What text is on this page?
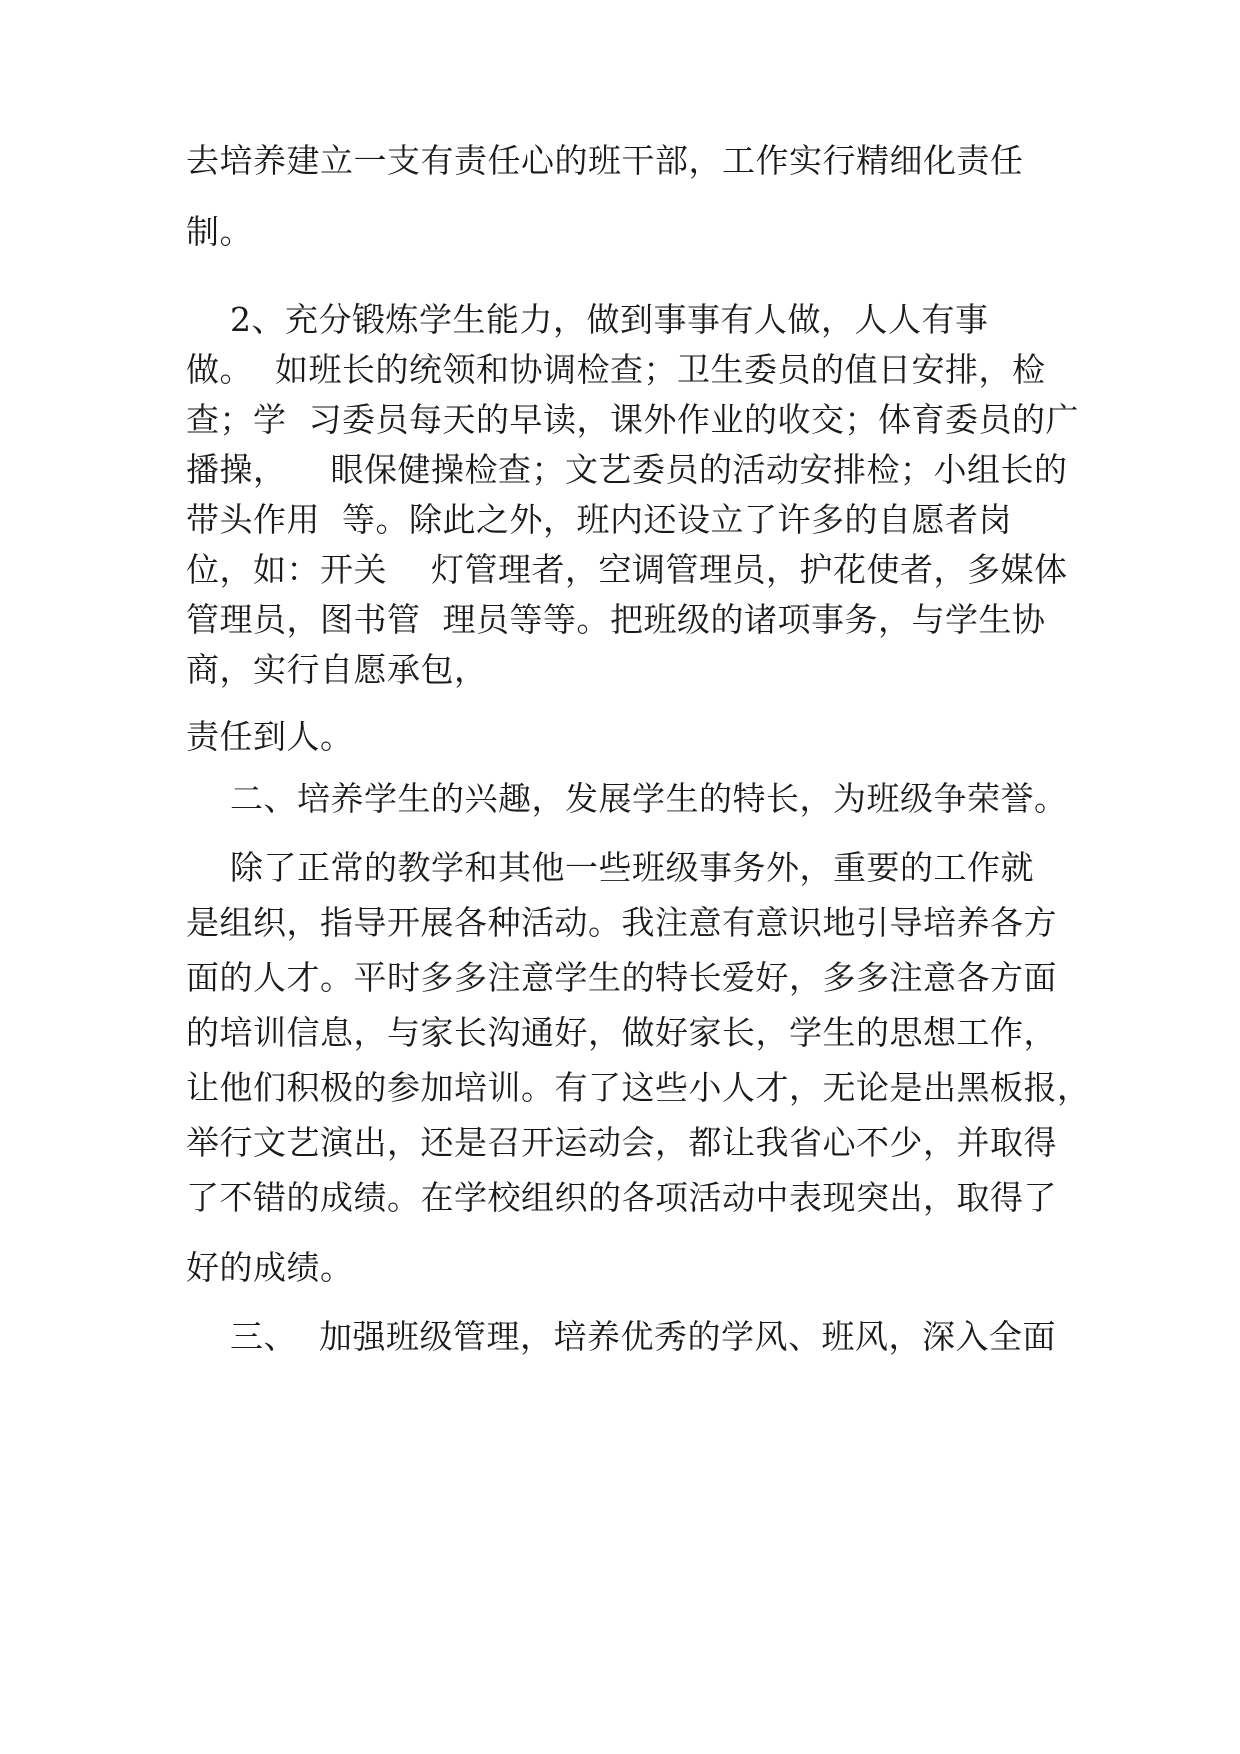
去培养建立一支有责任心的班干部，工作实行精细化责任
制。
2、充分锻炼学生能力，做到事事有人做，人人有事
做。  如班长的统领和协调检查；卫生委员的值日安排，检
查；学  习委员每天的早读，课外作业的收交；体育委员的广
播操，    眼保健操检查；文艺委员的活动安排检；小组长的
带头作用  等。除此之外，班内还设立了许多的自愿者岗
位，如：开关    灯管理者，空调管理员，护花使者，多媒体
管理员，图书管  理员等等。把班级的诸项事务，与学生协
商，实行自愿承包，
责任到人。
二、培养学生的兴趣，发展学生的特长，为班级争荣誉。
除了正常的教学和其他一些班级事务外，重要的工作就
是组织，指导开展各种活动。我注意有意识地引导培养各方
面的人才。平时多多注意学生的特长爱好，多多注意各方面
的培训信息，与家长沟通好，做好家长，学生的思想工作，
让他们积极的参加培训。有了这些小人才，无论是出黑板报，
举行文艺演出，还是召开运动会，都让我省心不少，并取得
了不错的成绩。在学校组织的各项活动中表现突出，取得了
好的成绩。
三、  加强班级管理，培养优秀的学风、班风，深入全面
